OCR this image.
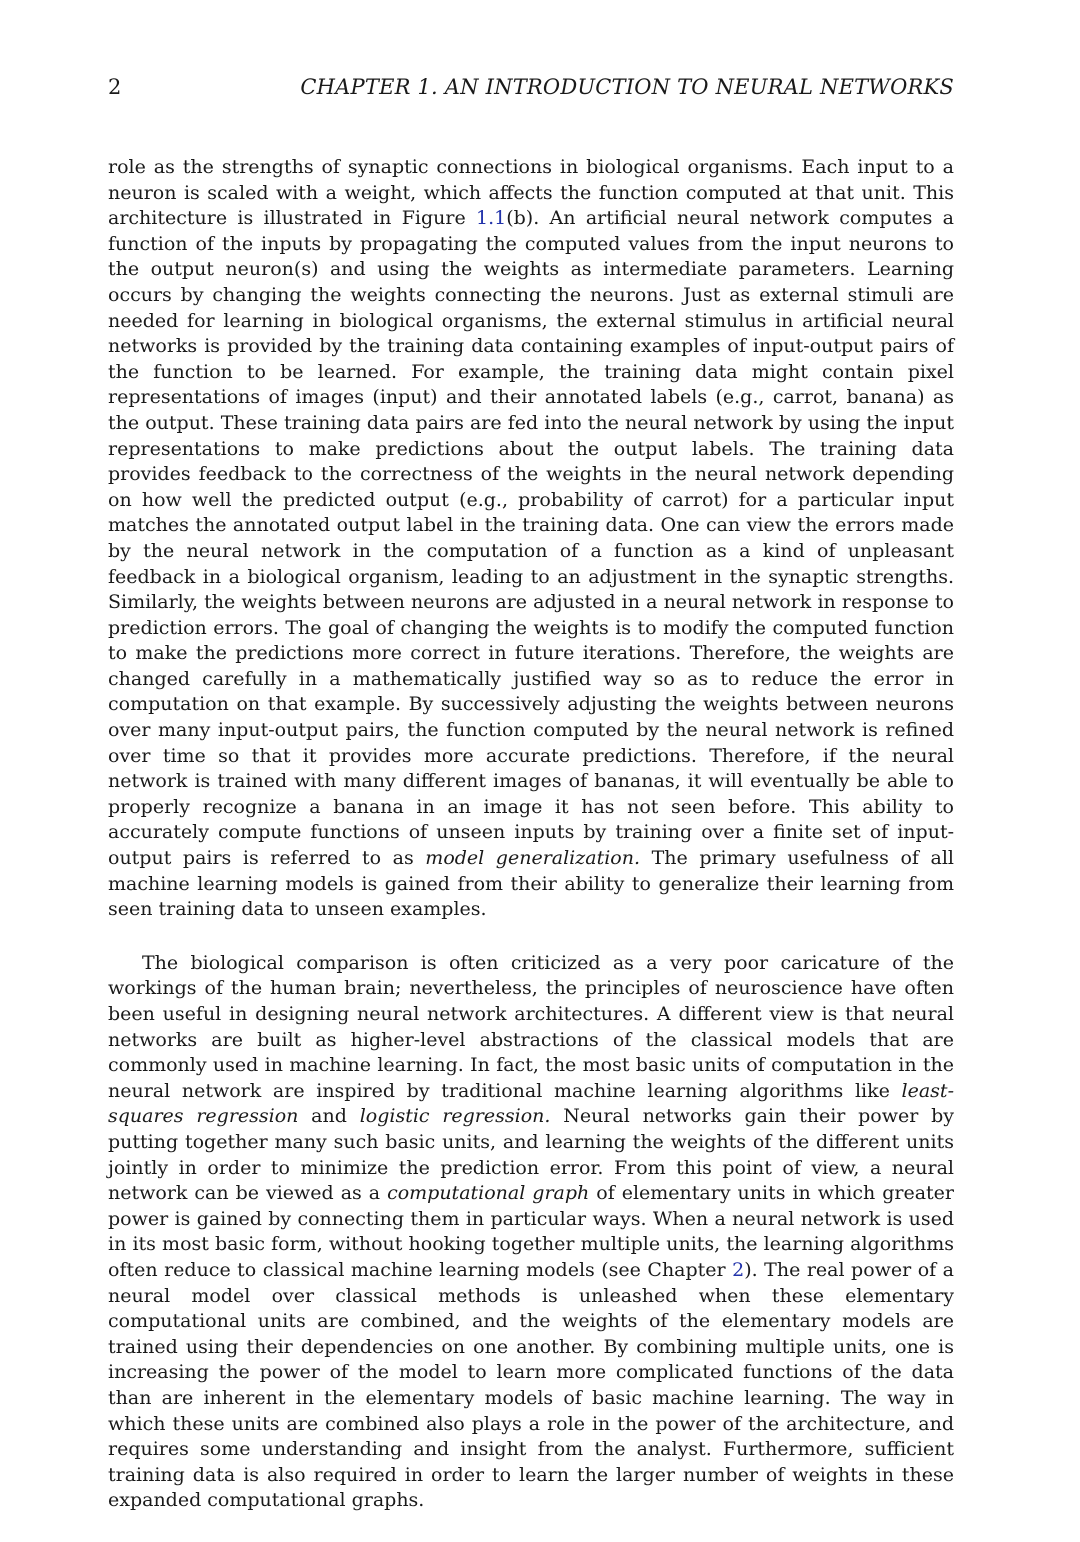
2	CHAPTER 1. AN INTRODUCTION TO NEURAL NETWORKS

role as the strengths of synaptic connections in biological organisms. Each input to a neuron is scaled with a weight, which affects the function computed at that unit. This architecture is illustrated in Figure 1.1(b). An artificial neural network computes a function of the inputs by propagating the computed values from the input neurons to the output neuron(s) and using the weights as intermediate parameters. Learning occurs by changing the weights connecting the neurons. Just as external stimuli are needed for learning in biological organisms, the external stimulus in artificial neural networks is provided by the training data containing examples of input-output pairs of the function to be learned. For example, the training data might contain pixel representations of images (input) and their annotated labels (e.g., carrot, banana) as the output. These training data pairs are fed into the neural network by using the input representations to make predictions about the output labels. The training data provides feedback to the correctness of the weights in the neural network depending on how well the predicted output (e.g., probability of carrot) for a particular input matches the annotated output label in the training data. One can view the errors made by the neural network in the computation of a function as a kind of unpleasant feedback in a biological organism, leading to an adjustment in the synaptic strengths. Similarly, the weights between neurons are adjusted in a neural network in response to prediction errors. The goal of changing the weights is to modify the computed function to make the predictions more correct in future iterations. Therefore, the weights are changed carefully in a mathematically justified way so as to reduce the error in computation on that example. By successively adjusting the weights between neurons over many input-output pairs, the function computed by the neural network is refined over time so that it provides more accurate predictions. Therefore, if the neural network is trained with many different images of bananas, it will eventually be able to properly recognize a banana in an image it has not seen before. This ability to accurately compute functions of unseen inputs by training over a finite set of input-output pairs is referred to as model generalization. The primary usefulness of all machine learning models is gained from their ability to generalize their learning from seen training data to unseen examples.

The biological comparison is often criticized as a very poor caricature of the workings of the human brain; nevertheless, the principles of neuroscience have often been useful in designing neural network architectures. A different view is that neural networks are built as higher-level abstractions of the classical models that are commonly used in machine learning. In fact, the most basic units of computation in the neural network are inspired by traditional machine learning algorithms like least-squares regression and logistic regression. Neural networks gain their power by putting together many such basic units, and learning the weights of the different units jointly in order to minimize the prediction error. From this point of view, a neural network can be viewed as a computational graph of elementary units in which greater power is gained by connecting them in particular ways. When a neural network is used in its most basic form, without hooking together multiple units, the learning algorithms often reduce to classical machine learning models (see Chapter 2). The real power of a neural model over classical methods is unleashed when these elementary computational units are combined, and the weights of the elementary models are trained using their dependencies on one another. By combining multiple units, one is increasing the power of the model to learn more complicated functions of the data than are inherent in the elementary models of basic machine learning. The way in which these units are combined also plays a role in the power of the architecture, and requires some understanding and insight from the analyst. Furthermore, sufficient training data is also required in order to learn the larger number of weights in these expanded computational graphs.
